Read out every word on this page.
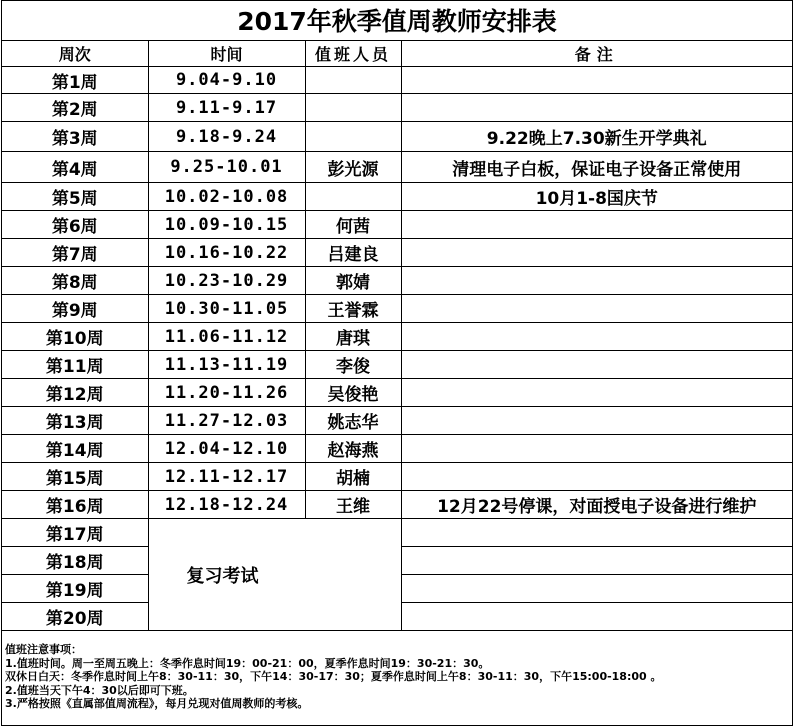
2017年秋季值周教师安排表
周次	时间	值班人员	备注
第1周	9.04-9.10		
第2周	9.11-9.17		
第3周	9.18-9.24		9.22晚上7.30新生开学典礼
第4周	9.25-10.01	彭光源	清理电子白板，保证电子设备正常使用
第5周	10.02-10.08		10月1-8国庆节
第6周	10.09-10.15	何茜	
第7周	10.16-10.22	吕建良	
第8周	10.23-10.29	郭婧	
第9周	10.30-11.05	王誉霖	
第10周	11.06-11.12	唐琪	
第11周	11.13-11.19	李俊	
第12周	11.20-11.26	吴俊艳	
第13周	11.27-12.03	姚志华	
第14周	12.04-12.10	赵海燕	
第15周	12.11-12.17	胡楠	
第16周	12.18-12.24	王维	12月22号停课，对面授电子设备进行维护
第17周	复习考试		
第18周			
第19周			
第20周			
值班注意事项：
1.值班时间。周一至周五晚上：冬季作息时间19：00-21：00，夏季作息时间19：30-21：30。
双休日白天：冬季作息时间上午8：30-11：30，下午14：30-17：30；夏季作息时间上午8：30-11：30，下午15:00-18:00 。
2.值班当天下午4：30以后即可下班。
3.严格按照《直属部值周流程》，每月兑现对值周教师的考核。
